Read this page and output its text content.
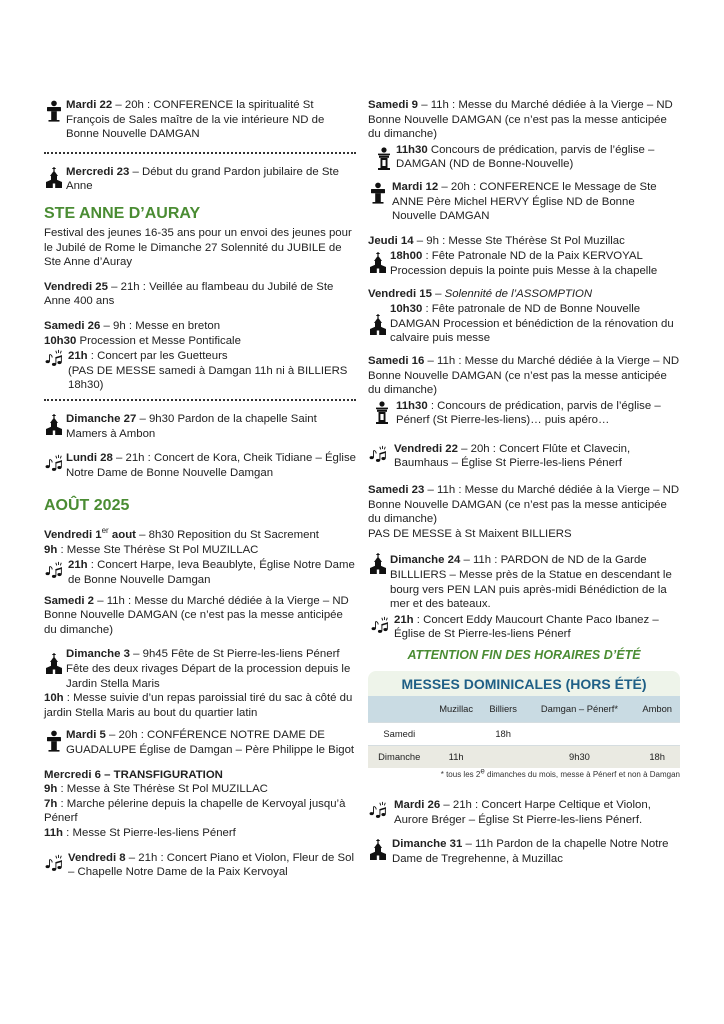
Mardi 22 – 20h : CONFERENCE la spiritualité St François de Sales maître de la vie intérieure ND de Bonne Nouvelle DAMGAN
Mercredi 23 – Début du grand Pardon jubilaire de Ste Anne
STE ANNE D’AURAY
Festival des jeunes 16-35 ans pour un envoi des jeunes pour le Jubilé de Rome le Dimanche 27 Solennité du JUBILE de Ste Anne d’Auray
Vendredi 25 – 21h : Veillée au flambeau du Jubilé de Ste Anne 400 ans
Samedi 26 – 9h : Messe en breton
10h30 Procession et Messe Pontificale
21h : Concert par les Guetteurs
(PAS DE MESSE samedi à Damgan 11h ni à BILLIERS 18h30)
Dimanche 27 – 9h30 Pardon de la chapelle Saint Mamers à Ambon
Lundi 28 – 21h : Concert de Kora, Cheik Tidiane – Église Notre Dame de Bonne Nouvelle Damgan
AOÛT 2025
Vendredi 1er aout – 8h30 Reposition du St Sacrement
9h : Messe Ste Thérèse St Pol MUZILLAC
21h : Concert Harpe, Ieva Beaublyte, Église Notre Dame de Bonne Nouvelle Damgan
Samedi 2 – 11h : Messe du Marché dédiée à la Vierge – ND Bonne Nouvelle DAMGAN (ce n’est pas la messe anticipée du dimanche)
Dimanche 3 – 9h45 Fête de St Pierre-les-liens Pénerf Fête des deux rivages Départ de la procession depuis le Jardin Stella Maris
10h : Messe suivie d’un repas paroissial tiré du sac à côté du jardin Stella Maris au bout du quartier latin
Mardi 5 – 20h : CONFÉRENCE NOTRE DAME DE GUADALUPE Église de Damgan – Père Philippe le Bigot
Mercredi 6 – TRANSFIGURATION
9h : Messe à Ste Thérèse St Pol MUZILLAC
7h : Marche pélerine depuis la chapelle de Kervoyal jusqu’à Pénerf
11h : Messe St Pierre-les-liens Pénerf
Vendredi 8 – 21h : Concert Piano et Violon, Fleur de Sol – Chapelle Notre Dame de la Paix Kervoyal
Samedi 9 – 11h : Messe du Marché dédiée à la Vierge – ND Bonne Nouvelle DAMGAN (ce n’est pas la messe anticipée du dimanche)
11h30 Concours de prédication, parvis de l’église – DAMGAN (ND de Bonne-Nouvelle)
Mardi 12 – 20h : CONFERENCE le Message de Ste ANNE Père Michel HERVY Église ND de Bonne Nouvelle DAMGAN
Jeudi 14 – 9h : Messe Ste Thérèse St Pol Muzillac
18h00 : Fête Patronale ND de la Paix KERVOYAL Procession depuis la pointe puis Messe à la chapelle
Vendredi 15 – Solennité de l’ASSOMPTION
10h30 : Fête patronale de ND de Bonne Nouvelle DAMGAN Procession et bénédiction de la rénovation du calvaire puis messe
Samedi 16 – 11h : Messe du Marché dédiée à la Vierge – ND Bonne Nouvelle DAMGAN (ce n’est pas la messe anticipée du dimanche)
11h30 : Concours de prédication, parvis de l’église – Pénerf (St Pierre-les-liens)… puis apéro…
Vendredi 22 – 20h : Concert Flûte et Clavecin, Baumhaus – Église St Pierre-les-liens Pénerf
Samedi 23 – 11h : Messe du Marché dédiée à la Vierge – ND Bonne Nouvelle DAMGAN (ce n’est pas la messe anticipée du dimanche)
PAS DE MESSE à St Maixent BILLIERS
Dimanche 24 – 11h : PARDON de ND de la Garde BILLLIERS – Messe près de la Statue en descendant le bourg vers PEN LAN puis après-midi Bénédiction de la mer et des bateaux.
21h : Concert Eddy Maucourt Chante Paco Ibanez – Église de St Pierre-les-liens Pénerf
ATTENTION FIN DES HORAIRES D’ÉTÉ
MESSES DOMINICALES (HORS ÉTÉ)
	Muzillac	Billiers	Damgan – Pénerf*	Ambon
Samedi		18h		
Dimanche	11h		9h30	18h
* tous les 2e dimanches du mois, messe à Pénerf et non à Damgan
Mardi 26 – 21h : Concert Harpe Celtique et Violon, Aurore Bréger – Église St Pierre-les-liens Pénerf.
Dimanche 31 – 11h Pardon de la chapelle Notre Notre Dame de Tregrehenne, à Muzillac
